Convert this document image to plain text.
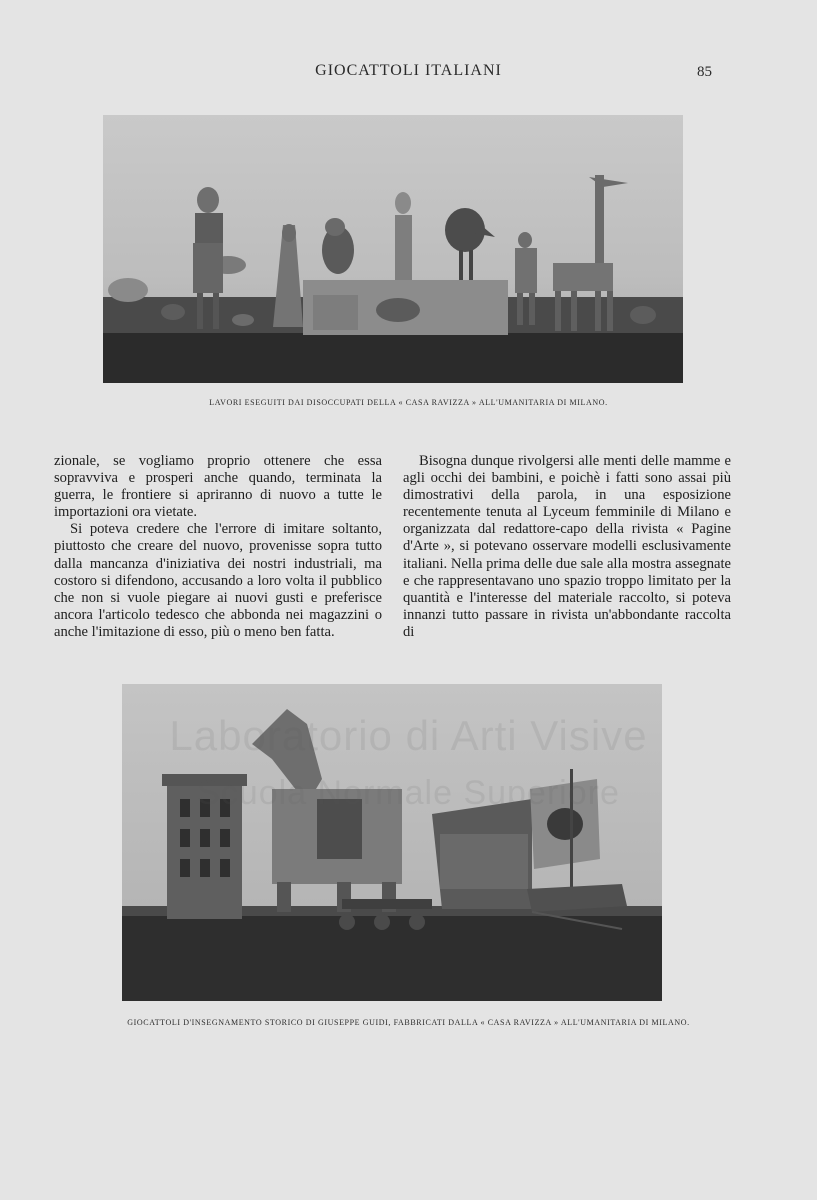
GIOCATTOLI ITALIANI	85
LAVORI ESEGUITI DAI DISOCCUPATI DELLA « CASA RAVIZZA » ALL'UMANITARIA DI MILANO.

zionale, se vogliamo proprio ottenere che essa sopravviva e prosperi anche quando, terminata la guerra, le frontiere si apriranno di nuovo a tutte le importazioni ora vietate.

Si poteva credere che l'errore di imitare soltanto, piuttosto che creare del nuovo, provenisse sopra tutto dalla mancanza d'iniziativa dei nostri industriali, ma costoro si difendono, accusando a loro volta il pubblico che non si vuole piegare ai nuovi gusti e preferisce ancora l'articolo tedesco che abbonda nei magazzini o anche l'imitazione di esso, più o meno ben fatta.

Bisogna dunque rivolgersi alle menti delle mamme e agli occhi dei bambini, e poichè i fatti sono assai più dimostrativi della parola, in una esposizione recentemente tenuta al Lyceum femminile di Milano e organizzata dal redattore-capo della rivista « Pagine d'Arte », si potevano osservare modelli esclusivamente italiani. Nella prima delle due sale alla mostra assegnate e che rappresentavano uno spazio troppo limitato per la quantità e l'interesse del materiale raccolto, si poteva innanzi tutto passare in rivista un'abbondante raccolta di

GIOCATTOLI D'INSEGNAMENTO STORICO DI GIUSEPPE GUIDI, FABBRICATI DALLA « CASA RAVIZZA » ALL'UMANITARIA DI MILANO.
